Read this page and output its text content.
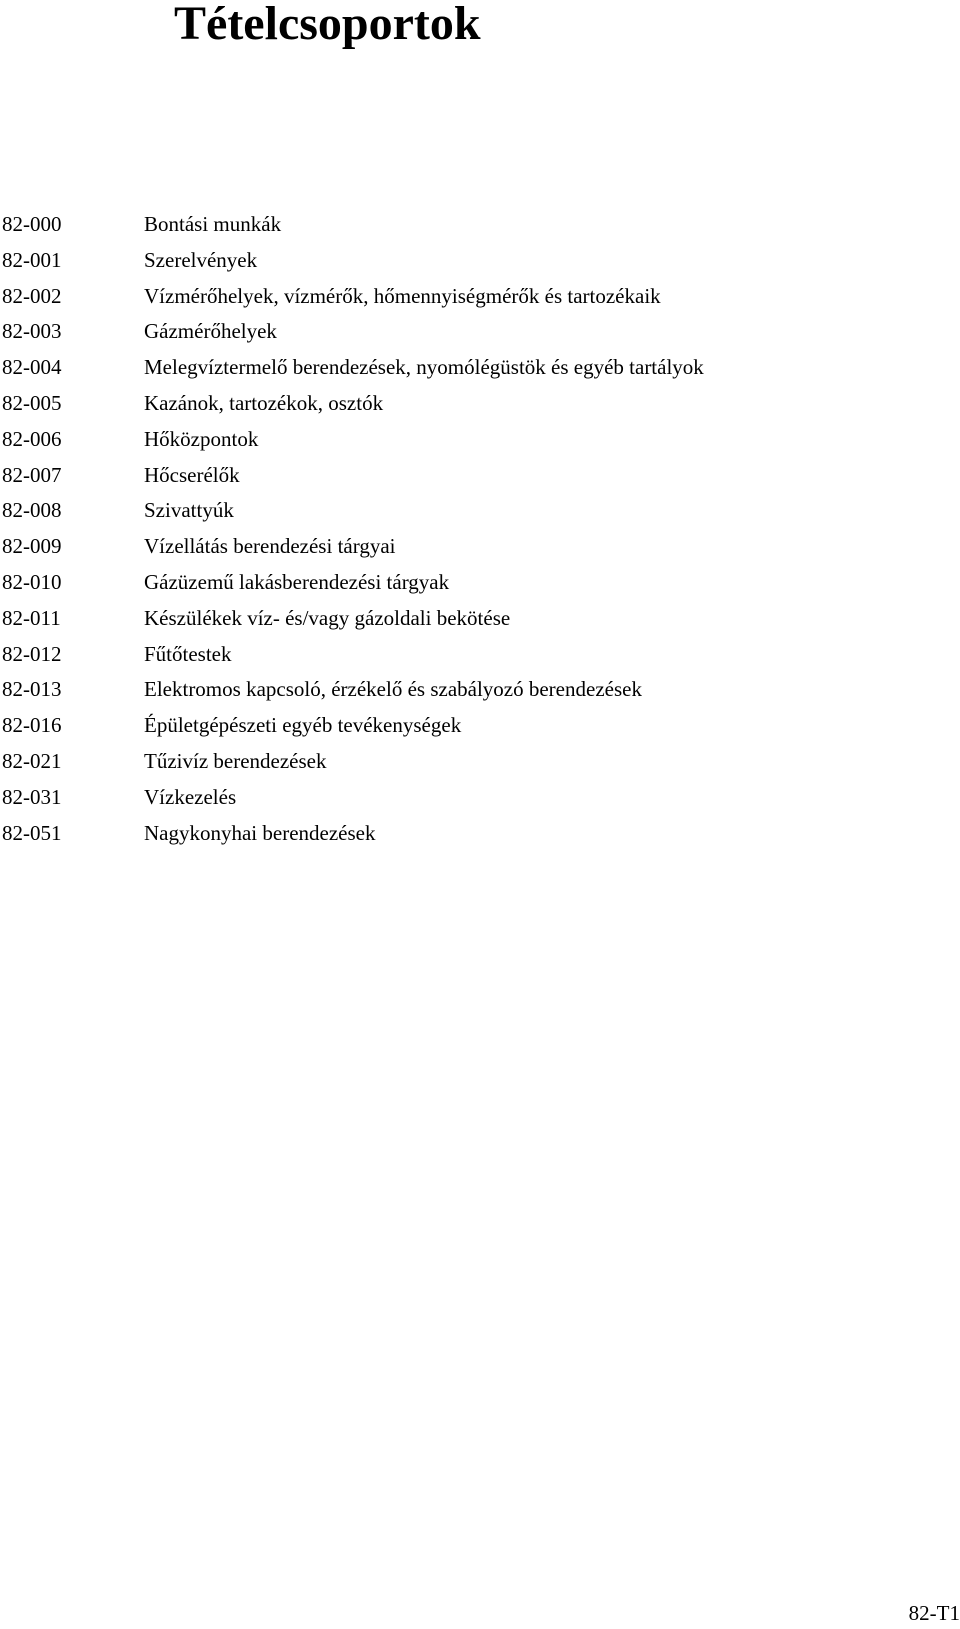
Tételcsoportok
82-000	Bontási munkák
82-001	Szerelvények
82-002	Vízmérőhelyek, vízmérők, hőmennyiségmérők és tartozékaik
82-003	Gázmérőhelyek
82-004	Melegvíztermelő berendezések, nyomólégüstök és egyéb tartályok
82-005	Kazánok, tartozékok, osztók
82-006	Hőközpontok
82-007	Hőcserélők
82-008	Szivattyúk
82-009	Vízellátás berendezési tárgyai
82-010	Gázüzemű lakásberendezési tárgyak
82-011	Készülékek víz- és/vagy gázoldali bekötése
82-012	Fűtőtestek
82-013	Elektromos kapcsoló, érzékelő és szabályozó berendezések
82-016	Épületgépészeti egyéb tevékenységek
82-021	Tűzivíz berendezések
82-031	Vízkezelés
82-051	Nagykonyhai berendezések
82-T1
